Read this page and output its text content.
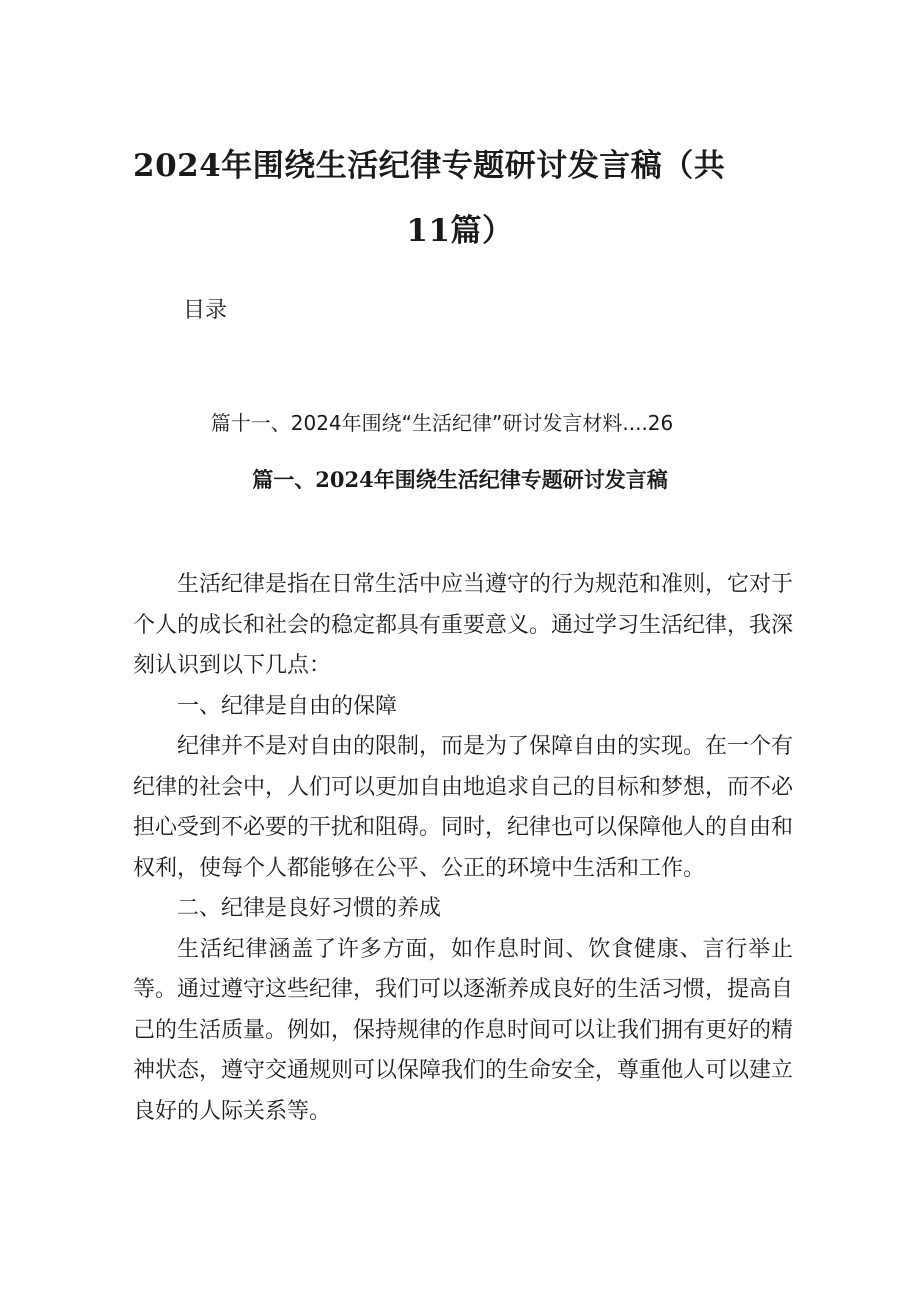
2024年围绕生活纪律专题研讨发言稿（共
11篇）
目录

篇十一、2024年围绕“生活纪律”研讨发言材料....26

篇一、2024年围绕生活纪律专题研讨发言稿

生活纪律是指在日常生活中应当遵守的行为规范和准则，它对于个人的成长和社会的稳定都具有重要意义。通过学习生活纪律，我深刻认识到以下几点：

一、纪律是自由的保障

纪律并不是对自由的限制，而是为了保障自由的实现。在一个有纪律的社会中，人们可以更加自由地追求自己的目标和梦想，而不必担心受到不必要的干扰和阻碍。同时，纪律也可以保障他人的自由和权利，使每个人都能够在公平、公正的环境中生活和工作。

二、纪律是良好习惯的养成

生活纪律涵盖了许多方面，如作息时间、饮食健康、言行举止等。通过遵守这些纪律，我们可以逐渐养成良好的生活习惯，提高自己的生活质量。例如，保持规律的作息时间可以让我们拥有更好的精神状态，遵守交通规则可以保障我们的生命安全，尊重他人可以建立良好的人际关系等。
